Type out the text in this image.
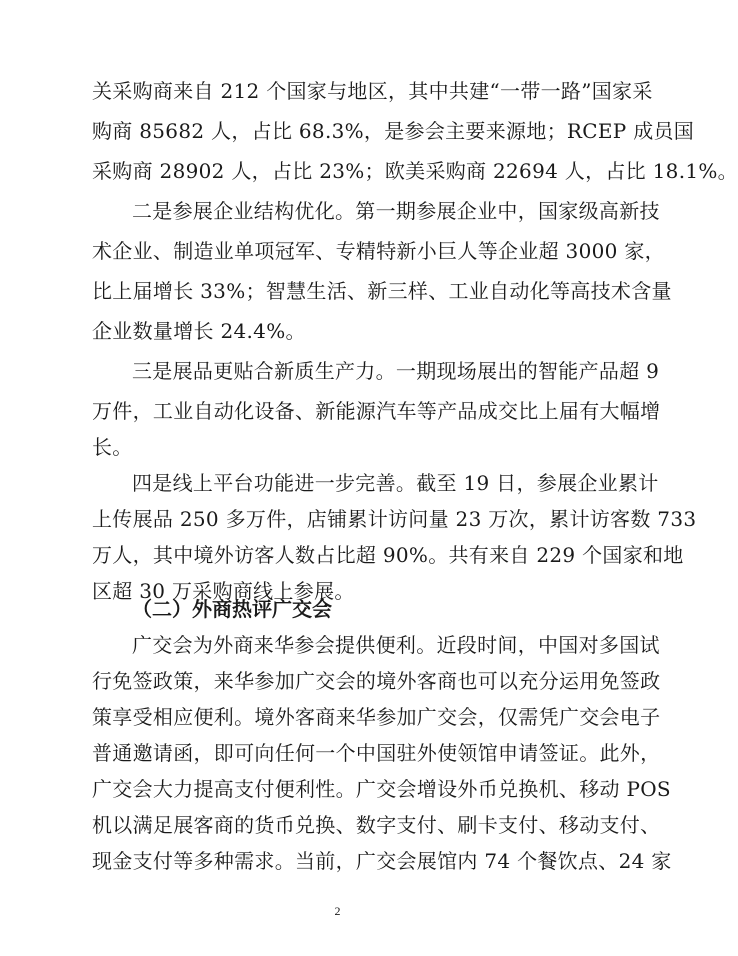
关采购商来自 212 个国家与地区，其中共建“一带一路”国家采
购商 85682 人，占比 68.3%，是参会主要来源地；RCEP 成员国
采购商 28902 人，占比 23%；欧美采购商 22694 人，占比 18.1%。
二是参展企业结构优化。第一期参展企业中，国家级高新技
术企业、制造业单项冠军、专精特新小巨人等企业超 3000 家，
比上届增长 33%；智慧生活、新三样、工业自动化等高技术含量
企业数量增长 24.4%。
三是展品更贴合新质生产力。一期现场展出的智能产品超 9
万件，工业自动化设备、新能源汽车等产品成交比上届有大幅增
长。
四是线上平台功能进一步完善。截至 19 日，参展企业累计
上传展品 250 多万件，店铺累计访问量 23 万次，累计访客数 733
万人，其中境外访客人数占比超 90%。共有来自 229 个国家和地
区超 30 万采购商线上参展。
（二）外商热评广交会
广交会为外商来华参会提供便利。近段时间，中国对多国试
行免签政策，来华参加广交会的境外客商也可以充分运用免签政
策享受相应便利。境外客商来华参加广交会，仅需凭广交会电子
普通邀请函，即可向任何一个中国驻外使领馆申请签证。此外，
广交会大力提高支付便利性。广交会增设外币兑换机、移动 POS
机以满足展客商的货币兑换、数字支付、刷卡支付、移动支付、
现金支付等多种需求。当前，广交会展馆内 74 个餐饮点、24 家
2
